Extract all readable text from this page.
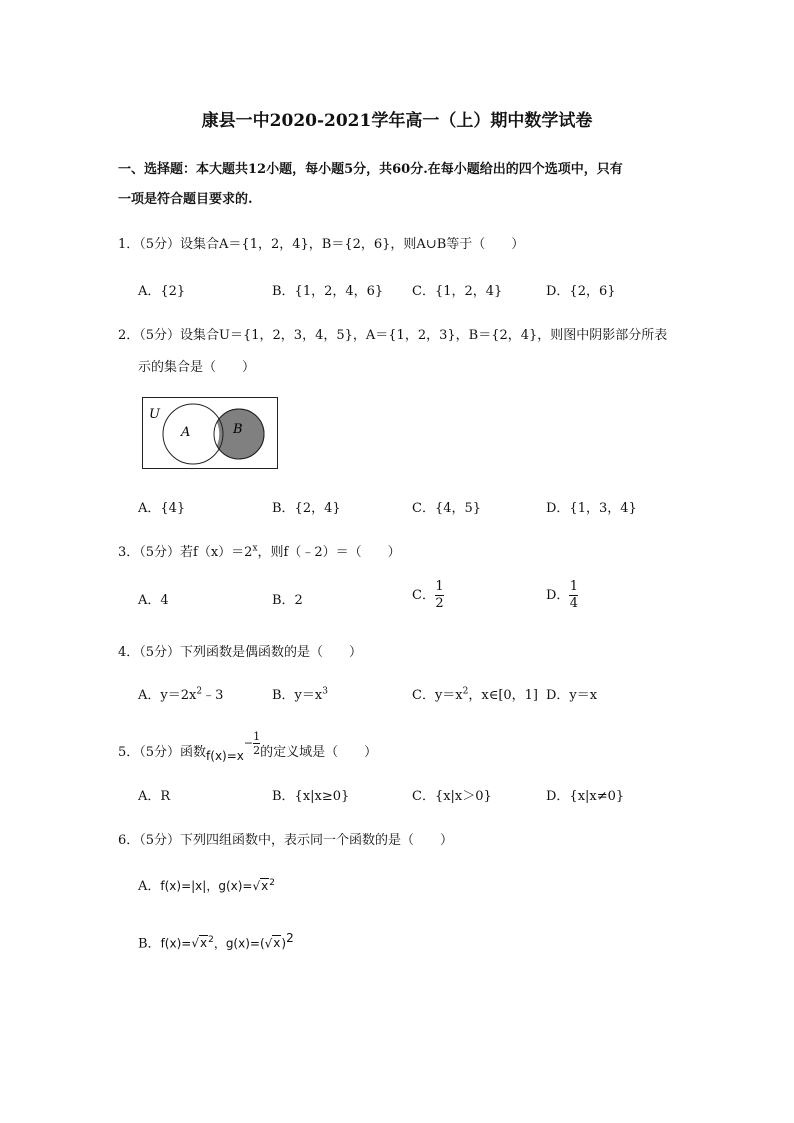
康县一中2020-2021学年高一（上）期中数学试卷
一、选择题：本大题共12小题，每小题5分，共60分.在每小题给出的四个选项中，只有
一项是符合题目要求的.
1．（5分）设集合A＝{1，2，4}，B＝{2，6}，则A∪B等于（　　）
A．{2}	B．{1，2，4，6} C．{1，2，4}	D．{2，6}
2．（5分）设集合U＝{1，2，3，4，5}，A＝{1，2，3}，B＝{2，4}，则图中阴影部分所表
示的集合是（　　）
U
A	B
A．{4}	B．{2，4}	C．{4，5}	D．{1，3，4}
3．（5分）若$f(x)=2^x$，则f（﹣2）＝（　　）
A．4	B．2	C． $\frac{1}{2}$	D． $\frac{1}{4}$
4．（5分）下列函数是偶函数的是（　　）
A．$y=2x^2﹣3$	B．$y=x^3$	C．$y=x^2$，x∈[0，1] D．y＝x
5．（5分）函数$f(x)=x- \frac{1}{2}$ 的定义域是（　　）
A．R	B．{x|x≥0}	C．{x|x＞0}	D．{x|x≠0}
6．（5分）下列四组函数中，表示同一个函数的是（　　）
A．f(x)=|x|，$g(x)=√x^2$
B．$f(x)=√x^2$，$g(x)=(√x)^2$
